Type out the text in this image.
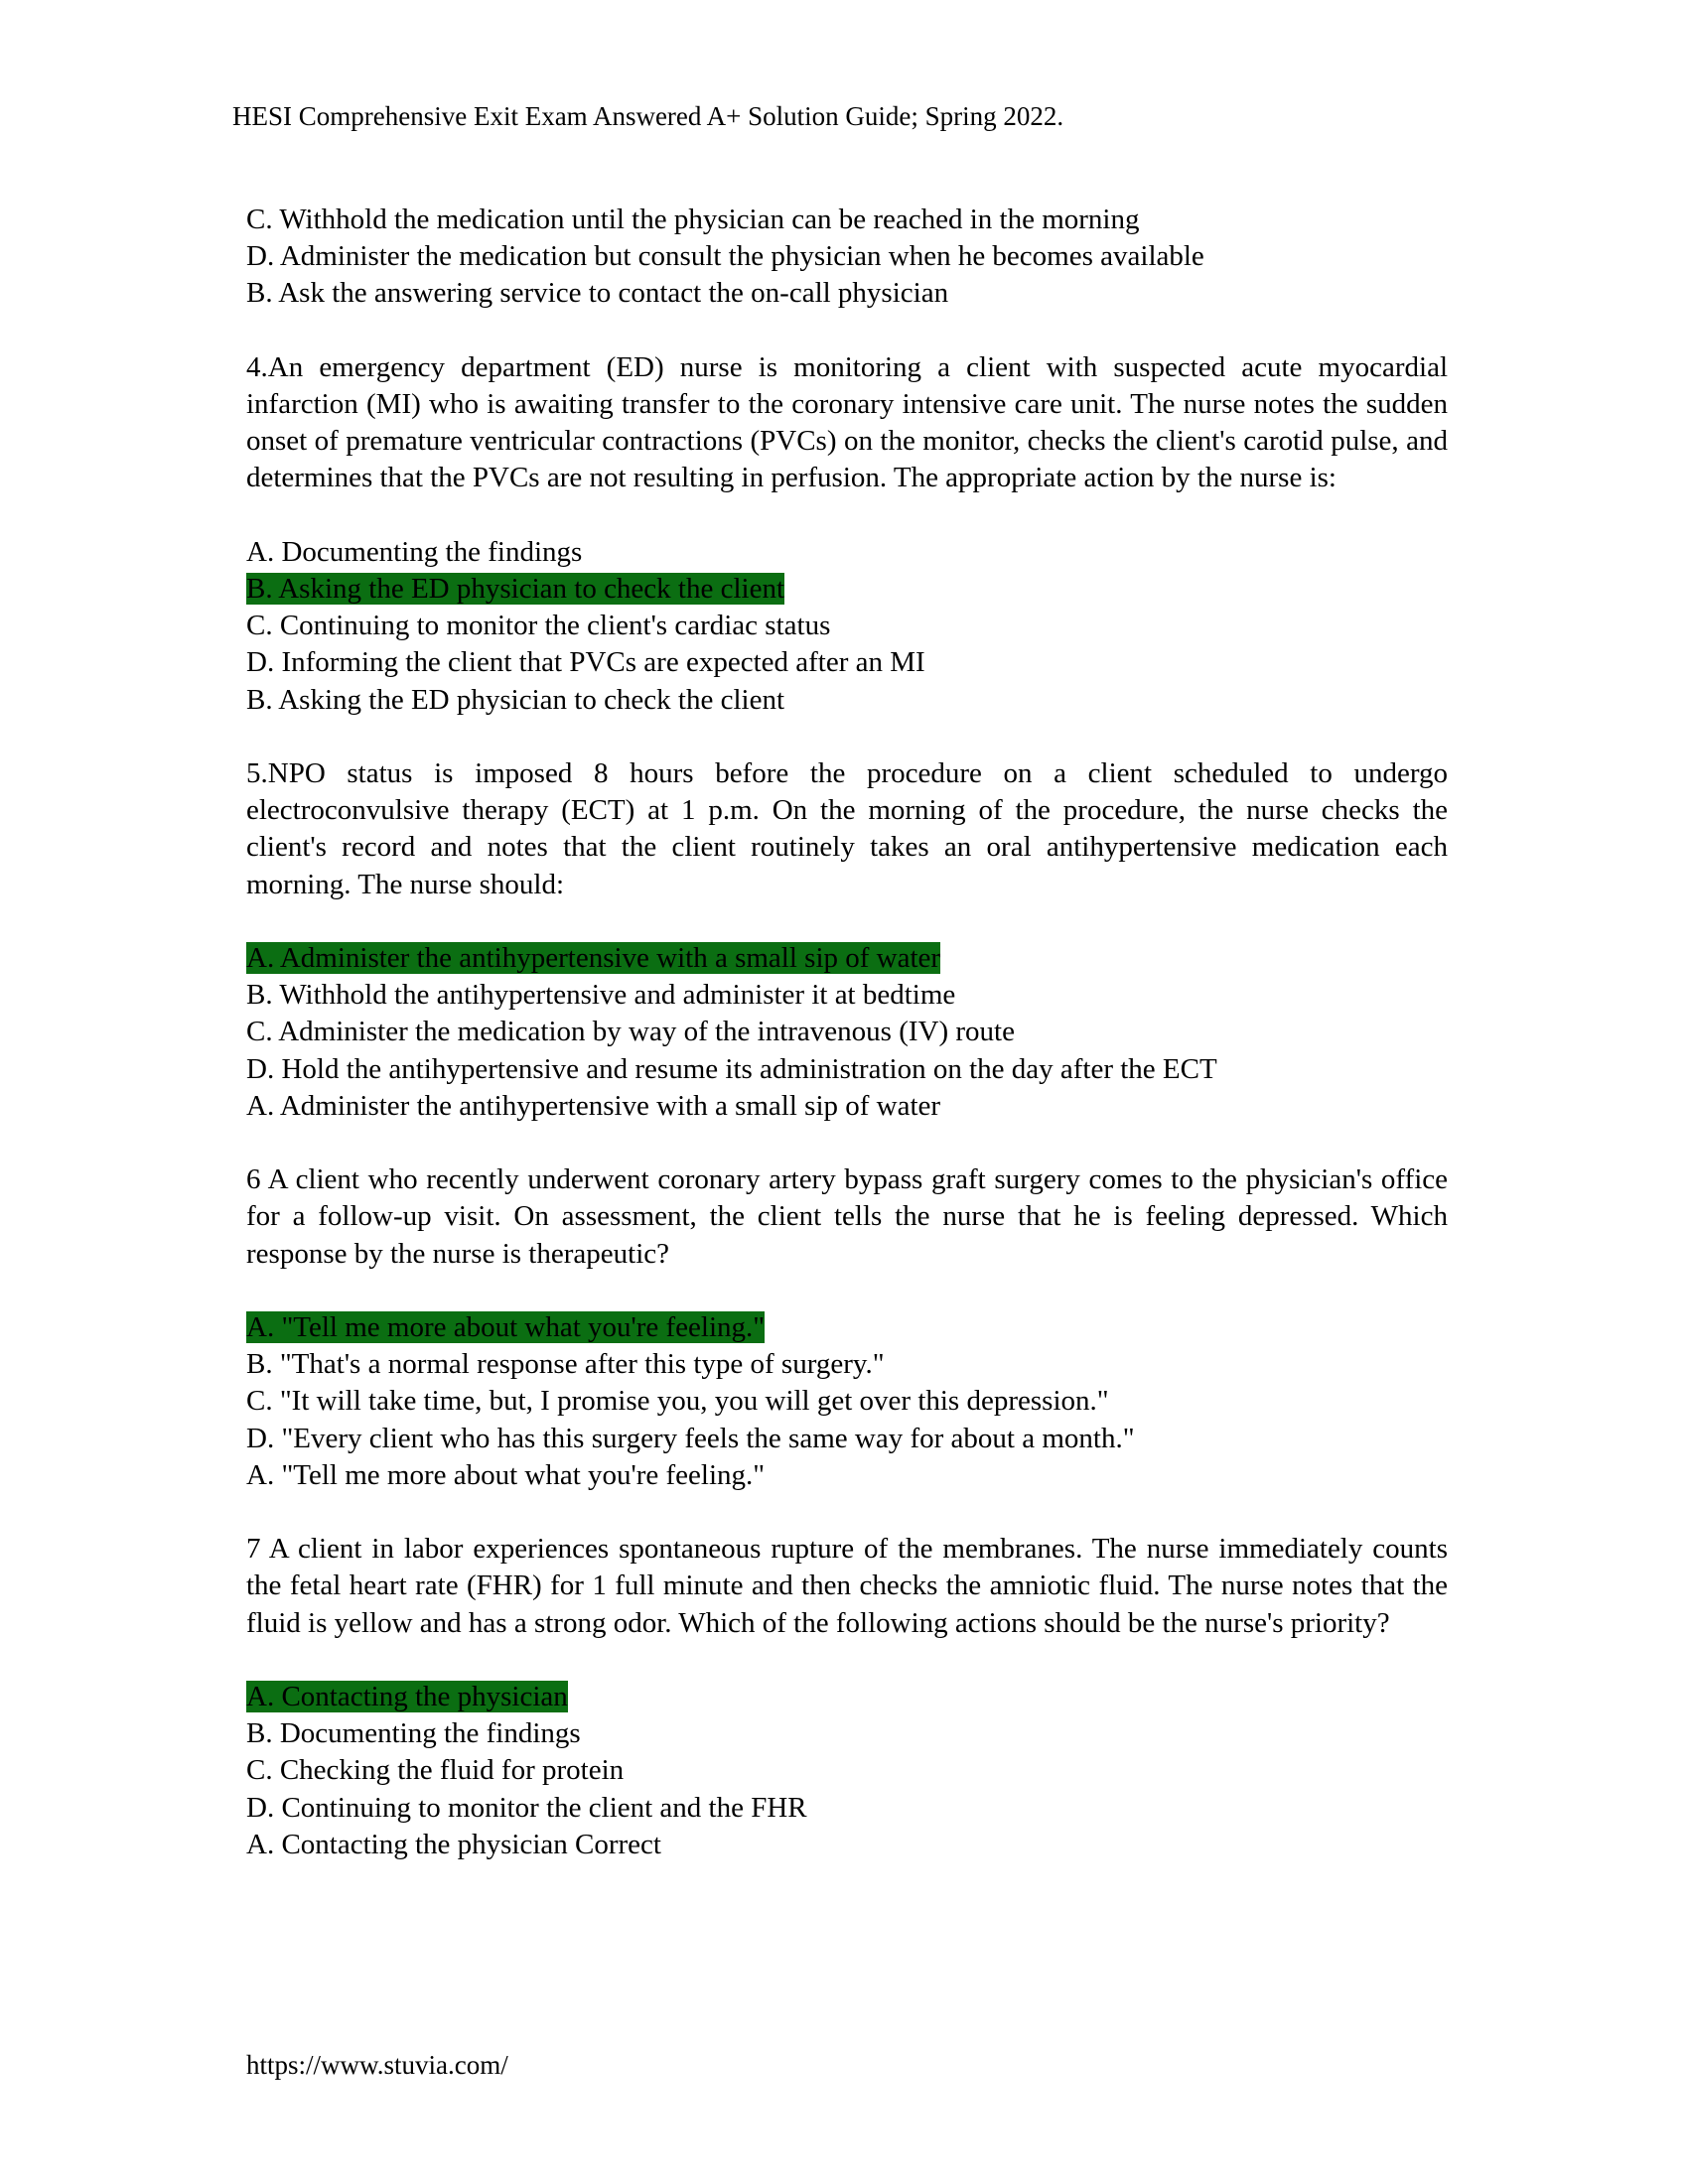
HESI Comprehensive Exit Exam Answered A+ Solution Guide; Spring 2022.
C. Withhold the medication until the physician can be reached in the morning
D. Administer the medication but consult the physician when he becomes available
B. Ask the answering service to contact the on-call physician
4.An emergency department (ED) nurse is monitoring a client with suspected acute myocardial infarction (MI) who is awaiting transfer to the coronary intensive care unit. The nurse notes the sudden onset of premature ventricular contractions (PVCs) on the monitor, checks the client's carotid pulse, and determines that the PVCs are not resulting in perfusion. The appropriate action by the nurse is:
A. Documenting the findings
B. Asking the ED physician to check the client
C. Continuing to monitor the client's cardiac status
D. Informing the client that PVCs are expected after an MI
B. Asking the ED physician to check the client
5.NPO status is imposed 8 hours before the procedure on a client scheduled to undergo electroconvulsive therapy (ECT) at 1 p.m. On the morning of the procedure, the nurse checks the client's record and notes that the client routinely takes an oral antihypertensive medication each morning. The nurse should:
A. Administer the antihypertensive with a small sip of water
B. Withhold the antihypertensive and administer it at bedtime
C. Administer the medication by way of the intravenous (IV) route
D. Hold the antihypertensive and resume its administration on the day after the ECT
A. Administer the antihypertensive with a small sip of water
6 A client who recently underwent coronary artery bypass graft surgery comes to the physician's office for a follow-up visit. On assessment, the client tells the nurse that he is feeling depressed. Which response by the nurse is therapeutic?
A. "Tell me more about what you're feeling."
B. "That's a normal response after this type of surgery."
C. "It will take time, but, I promise you, you will get over this depression."
D. "Every client who has this surgery feels the same way for about a month."
A. "Tell me more about what you're feeling."
7 A client in labor experiences spontaneous rupture of the membranes. The nurse immediately counts the fetal heart rate (FHR) for 1 full minute and then checks the amniotic fluid. The nurse notes that the fluid is yellow and has a strong odor. Which of the following actions should be the nurse's priority?
A. Contacting the physician
B. Documenting the findings
C. Checking the fluid for protein
D. Continuing to monitor the client and the FHR
A. Contacting the physician Correct
https://www.stuvia.com/
